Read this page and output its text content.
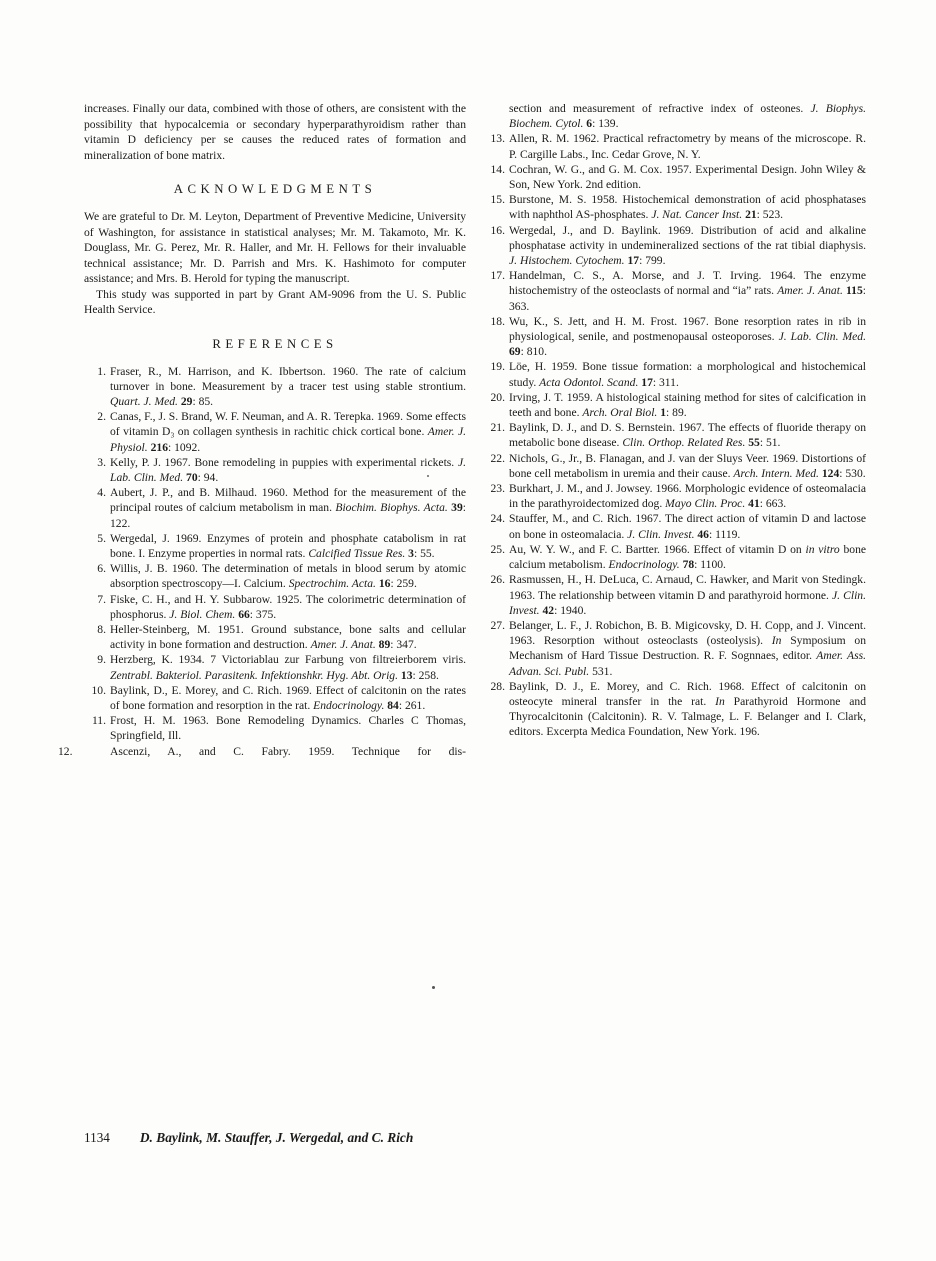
increases. Finally our data, combined with those of others, are consistent with the possibility that hypocalcemia or secondary hyperparathyroidism rather than vitamin D deficiency per se causes the reduced rates of formation and mineralization of bone matrix.

ACKNOWLEDGMENTS

We are grateful to Dr. M. Leyton, Department of Preventive Medicine, University of Washington, for assistance in statistical analyses; Mr. M. Takamoto, Mr. K. Douglass, Mr. G. Perez, Mr. R. Haller, and Mr. H. Fellows for their invaluable technical assistance; Mr. D. Parrish and Mrs. K. Hashimoto for computer assistance; and Mrs. B. Herold for typing the manuscript.

This study was supported in part by Grant AM-9096 from the U. S. Public Health Service.

REFERENCES
1. Fraser, R., M. Harrison, and K. Ibbertson. 1960. The rate of calcium turnover in bone. Measurement by a tracer test using stable strontium. Quart. J. Med. 29: 85.
2. Canas, F., J. S. Brand, W. F. Neuman, and A. R. Terepka. 1969. Some effects of vitamin D₃ on collagen synthesis in rachitic chick cortical bone. Amer. J. Physiol. 216: 1092.
3. Kelly, P. J. 1967. Bone remodeling in puppies with experimental rickets. J. Lab. Clin. Med. 70: 94.
4. Aubert, J. P., and B. Milhaud. 1960. Method for the measurement of the principal routes of calcium metabolism in man. Biochim. Biophys. Acta. 39: 122.
5. Wergedal, J. 1969. Enzymes of protein and phosphate catabolism in rat bone. I. Enzyme properties in normal rats. Calcified Tissue Res. 3: 55.
6. Willis, J. B. 1960. The determination of metals in blood serum by atomic absorption spectroscopy—I. Calcium. Spectrochim. Acta. 16: 259.
7. Fiske, C. H., and H. Y. Subbarow. 1925. The colorimetric determination of phosphorus. J. Biol. Chem. 66: 375.
8. Heller-Steinberg, M. 1951. Ground substance, bone salts and cellular activity in bone formation and destruction. Amer. J. Anat. 89: 347.
9. Herzberg, K. 1934. 7 Victoriablau zur Farbung von filtreierborem viris. Zentrabl. Bakteriol. Parasitenk. Infektionshkr. Hyg. Abt. Orig. 13: 258.
10. Baylink, D., E. Morey, and C. Rich. 1969. Effect of calcitonin on the rates of bone formation and resorption in the rat. Endocrinology. 84: 261.
11. Frost, H. M. 1963. Bone Remodeling Dynamics. Charles C Thomas, Springfield, Ill.
12.	Ascenzi, A., and C. Fabry. 1959. Technique for dis-

section and measurement of refractive index of osteones. J. Biophys. Biochem. Cytol. 6: 139.

13. Allen, R. M. 1962. Practical refractometry by means of the microscope. R. P. Cargille Labs., Inc. Cedar Grove, N. Y.
14. Cochran, W. G., and G. M. Cox. 1957. Experimental Design. John Wiley & Son, New York. 2nd edition.
15. Burstone, M. S. 1958. Histochemical demonstration of acid phosphatases with naphthol AS-phosphates. J. Nat. Cancer Inst. 21: 523.
16. Wergedal, J., and D. Baylink. 1969. Distribution of acid and alkaline phosphatase activity in undemineralized sections of the rat tibial diaphysis. J. Histochem. Cytochem. 17: 799.
17. Handelman, C. S., A. Morse, and J. T. Irving. 1964. The enzyme histochemistry of the osteoclasts of normal and “ia” rats. Amer. J. Anat. 115: 363.
18. Wu, K., S. Jett, and H. M. Frost. 1967. Bone resorption rates in rib in physiological, senile, and postmenopausal osteoporoses. J. Lab. Clin. Med. 69: 810.
19. Löe, H. 1959. Bone tissue formation: a morphological and histochemical study. Acta Odontol. Scand. 17: 311.
20. Irving, J. T. 1959. A histological staining method for sites of calcification in teeth and bone. Arch. Oral Biol. 1: 89.
21. Baylink, D. J., and D. S. Bernstein. 1967. The effects of fluoride therapy on metabolic bone disease. Clin. Orthop. Related Res. 55: 51.
22. Nichols, G., Jr., B. Flanagan, and J. van der Sluys Veer. 1969. Distortions of bone cell metabolism in uremia and their cause. Arch. Intern. Med. 124: 530.
23. Burkhart, J. M., and J. Jowsey. 1966. Morphologic evidence of osteomalacia in the parathyroidectomized dog. Mayo Clin. Proc. 41: 663.
24. Stauffer, M., and C. Rich. 1967. The direct action of vitamin D and lactose on bone in osteomalacia. J. Clin. Invest. 46: 1119.
25. Au, W. Y. W., and F. C. Bartter. 1966. Effect of vitamin D on in vitro bone calcium metabolism. Endocrinology. 78: 1100.
26. Rasmussen, H., H. DeLuca, C. Arnaud, C. Hawker, and Marit von Stedingk. 1963. The relationship between vitamin D and parathyroid hormone. J. Clin. Invest. 42: 1940.
27. Belanger, L. F., J. Robichon, B. B. Migicovsky, D. H. Copp, and J. Vincent. 1963. Resorption without osteoclasts (osteolysis). In Symposium on Mechanism of Hard Tissue Destruction. R. F. Sognnaes, editor. Amer. Ass. Advan. Sci. Publ. 531.
28. Baylink, D. J., E. Morey, and C. Rich. 1968. Effect of calcitonin on osteocyte mineral transfer in the rat. In Parathyroid Hormone and Thyrocalcitonin (Calcitonin). R. V. Talmage, L. F. Belanger and I. Clark, editors. Excerpta Medica Foundation, New York. 196.
1134 D. Baylink, M. Stauffer, J. Wergedal, and C. Rich
